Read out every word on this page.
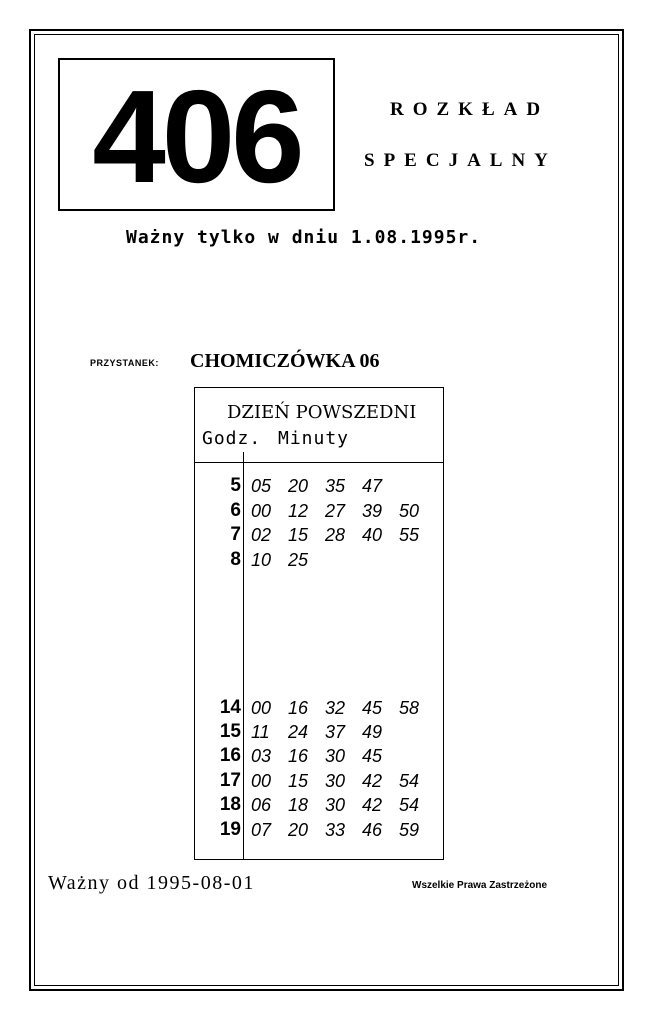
406	ROZKŁAD
SPECJALNY
Ważny tylko w dniu 1.08.1995r.
PRZYSTANEK: CHOMICZÓWKA 06
DZIEŃ POWSZEDNI
Godz. Minuty
5 05 20 35 47
6 00 12 27 39 50
7 02 15 28 40 55
8 10 25
14 00 16 32 45 58
15 11 24 37 49
16 03 16 30 45
17 00 15 30 42 54
18 06 18 30 42 54
19 07 20 33 46 59
Ważny od 1995-08-01	Wszelkie Prawa Zastrzeżone
